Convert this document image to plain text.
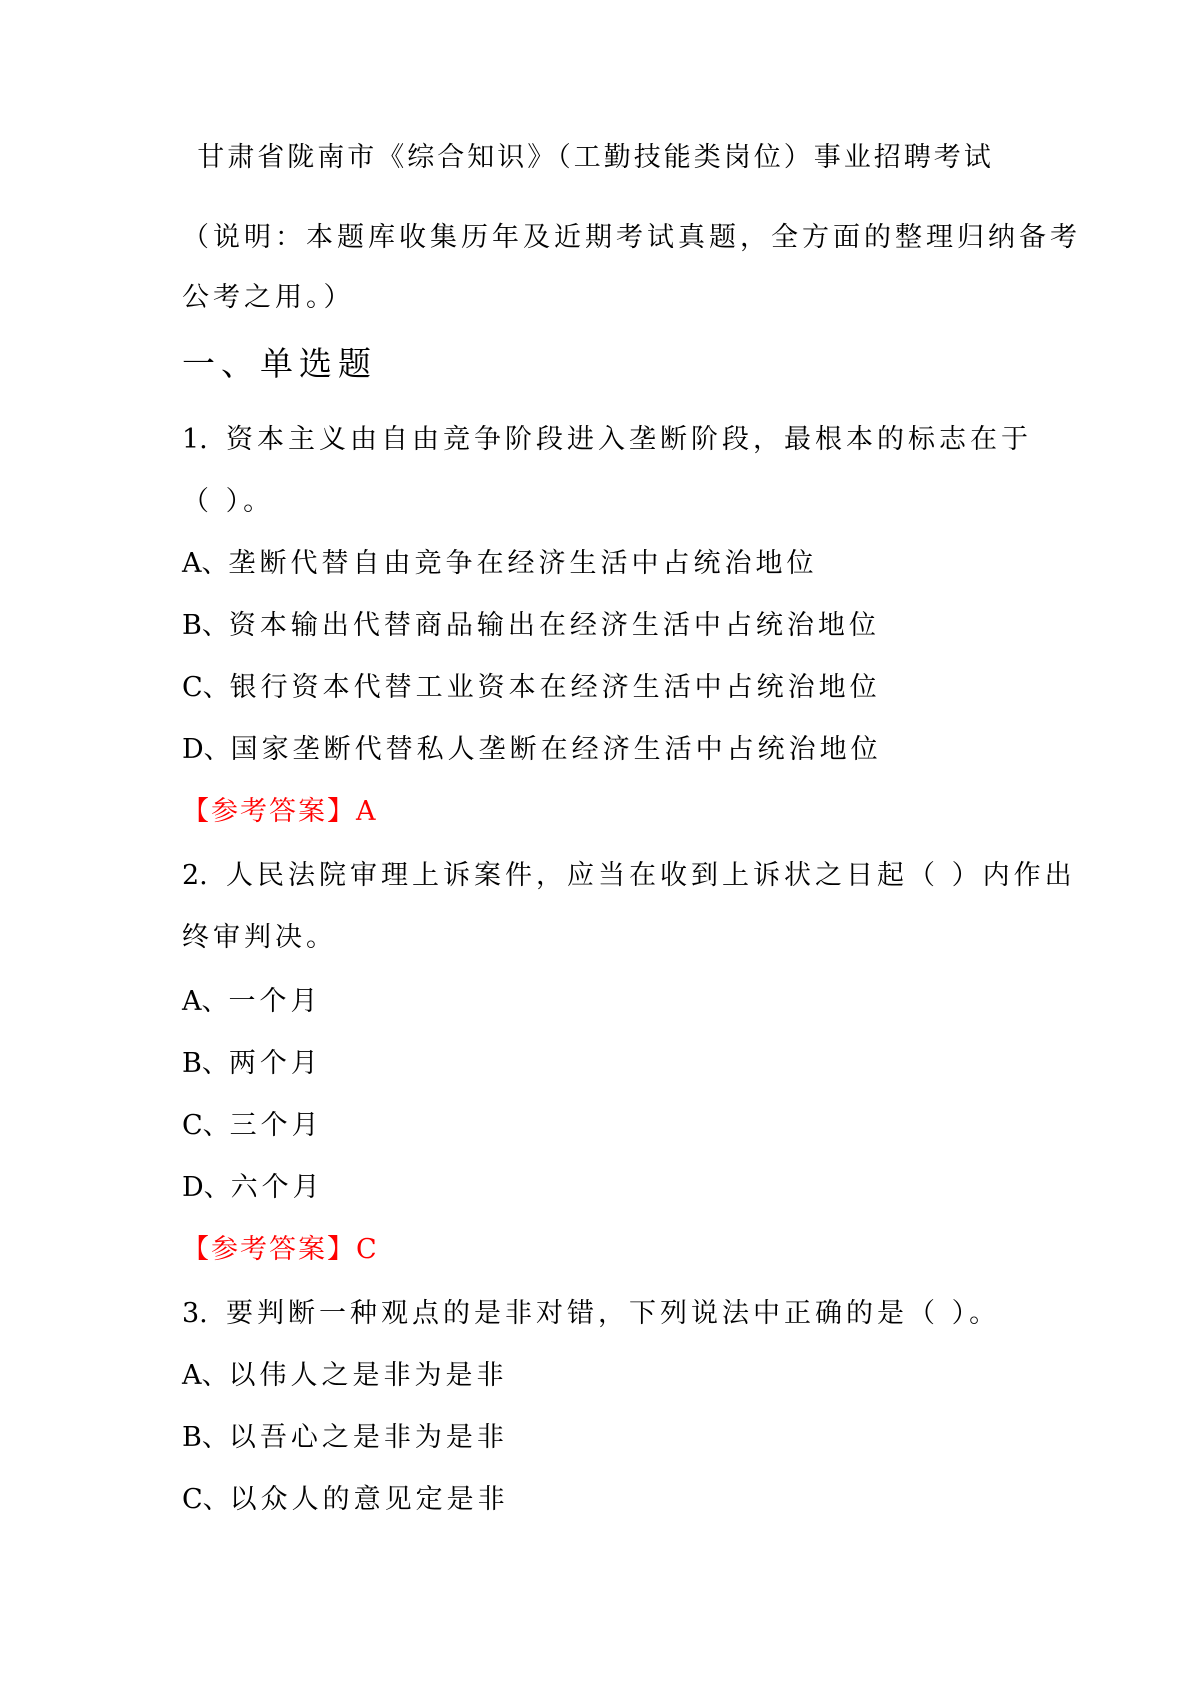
甘肃省陇南市《综合知识》（工勤技能类岗位）事业招聘考试
（说明：本题库收集历年及近期考试真题，全方面的整理归纳备考
公考之用。）
一、单选题
1. 资本主义由自由竞争阶段进入垄断阶段，最根本的标志在于
（ ）。
A、垄断代替自由竞争在经济生活中占统治地位
B、资本输出代替商品输出在经济生活中占统治地位
C、银行资本代替工业资本在经济生活中占统治地位
D、国家垄断代替私人垄断在经济生活中占统治地位
【参考答案】A
2. 人民法院审理上诉案件，应当在收到上诉状之日起（ ）内作出
终审判决。
A、一个月
B、两个月
C、三个月
D、六个月
【参考答案】C
3. 要判断一种观点的是非对错，下列说法中正确的是（ ）。
A、以伟人之是非为是非
B、以吾心之是非为是非
C、以众人的意见定是非
